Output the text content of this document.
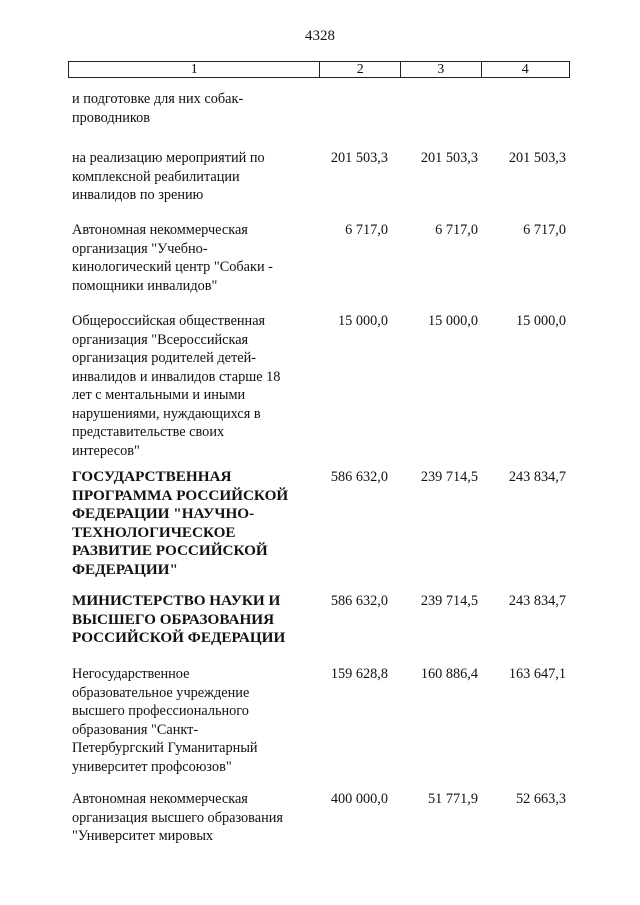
4328
1	2	3	4
и подготовке для них собак-проводников
на реализацию мероприятий по комплексной реабилитации инвалидов по зрению
201 503,3	201 503,3	201 503,3
Автономная некоммерческая организация "Учебно-кинологический центр "Собаки - помощники инвалидов"
6 717,0	6 717,0	6 717,0
Общероссийская общественная организация "Всероссийская организация родителей детей-инвалидов и инвалидов старше 18 лет с ментальными и иными нарушениями, нуждающихся в представительстве своих интересов"
15 000,0	15 000,0	15 000,0
ГОСУДАРСТВЕННАЯ ПРОГРАММА РОССИЙСКОЙ ФЕДЕРАЦИИ "НАУЧНО-ТЕХНОЛОГИЧЕСКОЕ РАЗВИТИЕ РОССИЙСКОЙ ФЕДЕРАЦИИ"
586 632,0	239 714,5	243 834,7
МИНИСТЕРСТВО НАУКИ И ВЫСШЕГО ОБРАЗОВАНИЯ РОССИЙСКОЙ ФЕДЕРАЦИИ
586 632,0	239 714,5	243 834,7
Негосударственное образовательное учреждение высшего профессионального образования "Санкт-Петербургский Гуманитарный университет профсоюзов"
159 628,8	160 886,4	163 647,1
Автономная некоммерческая организация высшего образования "Университет мировых
400 000,0	51 771,9	52 663,3
